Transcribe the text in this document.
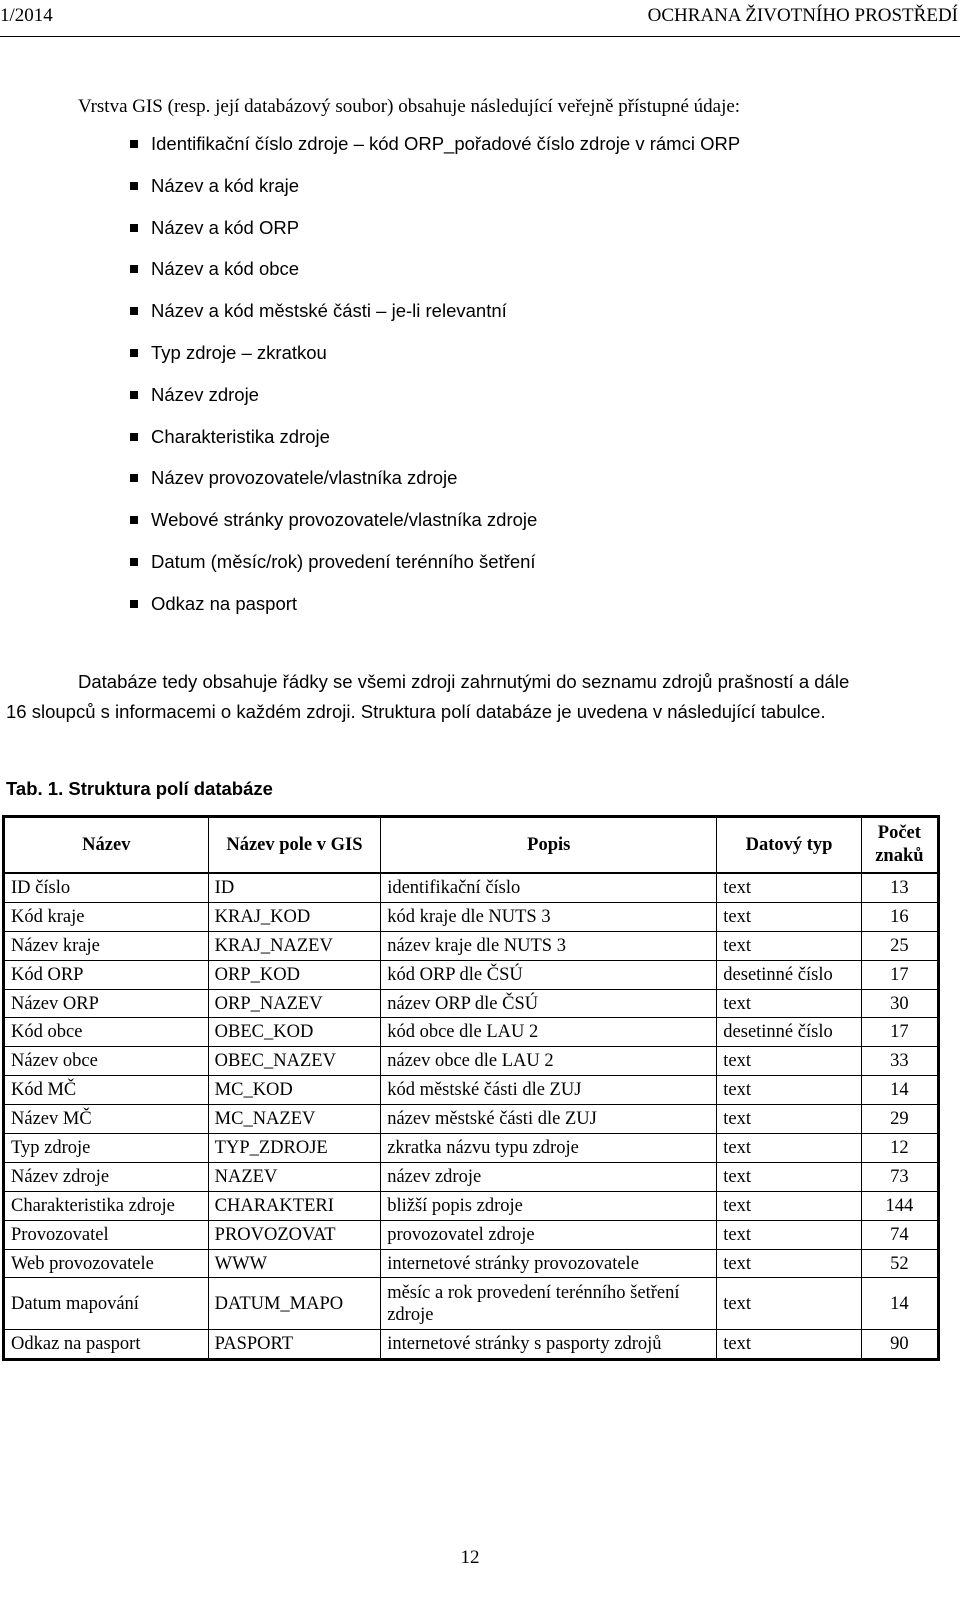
1/2014	OCHRANA ŽIVOTNÍHO PROSTŘEDÍ
Vrstva GIS (resp. její databázový soubor) obsahuje následující veřejně přístupné údaje:
Identifikační číslo zdroje – kód ORP_pořadové číslo zdroje v rámci ORP
Název a kód kraje
Název a kód ORP
Název a kód obce
Název a kód městské části – je-li relevantní
Typ zdroje – zkratkou
Název zdroje
Charakteristika zdroje
Název provozovatele/vlastníka zdroje
Webové stránky provozovatele/vlastníka zdroje
Datum (měsíc/rok) provedení terénního šetření
Odkaz na pasport
Databáze tedy obsahuje řádky se všemi zdroji zahrnutými do seznamu zdrojů prašností a dále
16 sloupců s informacemi o každém zdroji. Struktura polí databáze je uvedena v následující tabulce.
Tab. 1. Struktura polí databáze
Název	Název pole v GIS	Popis	Datový typ	Počet znaků
ID číslo	ID	identifikační číslo	text	13
Kód kraje	KRAJ_KOD	kód kraje dle NUTS 3	text	16
Název kraje	KRAJ_NAZEV	název kraje dle NUTS 3	text	25
Kód ORP	ORP_KOD	kód ORP dle ČSÚ	desetinné číslo	17
Název ORP	ORP_NAZEV	název ORP dle ČSÚ	text	30
Kód obce	OBEC_KOD	kód obce dle LAU 2	desetinné číslo	17
Název obce	OBEC_NAZEV	název obce dle LAU 2	text	33
Kód MČ	MC_KOD	kód městské části dle ZUJ	text	14
Název MČ	MC_NAZEV	název městské části dle ZUJ	text	29
Typ zdroje	TYP_ZDROJE	zkratka názvu typu zdroje	text	12
Název zdroje	NAZEV	název zdroje	text	73
Charakteristika zdroje	CHARAKTERI	bližší popis zdroje	text	144
Provozovatel	PROVOZOVAT	provozovatel zdroje	text	74
Web provozovatele	WWW	internetové stránky provozovatele	text	52
Datum mapování	DATUM_MAPO	měsíc a rok provedení terénního šetření zdroje	text	14
Odkaz na pasport	PASPORT	internetové stránky s pasporty zdrojů	text	90
12
